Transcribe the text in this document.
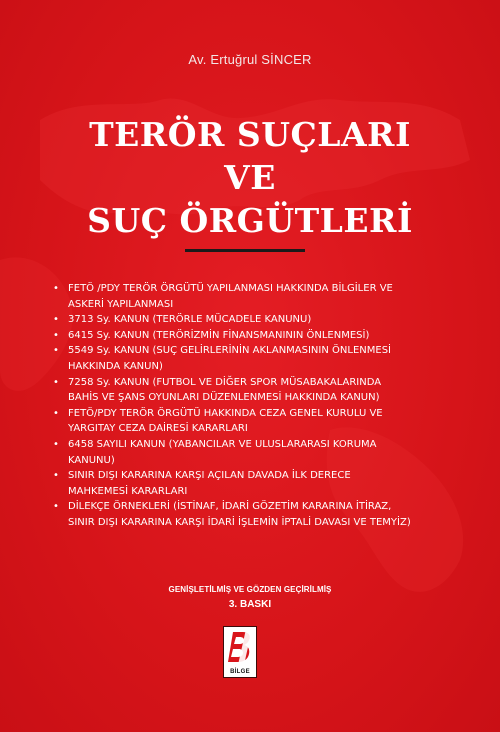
Av. Ertuğrul SİNCER
TERÖR SUÇLARI
VE
SUÇ ÖRGÜTLERİ
• FETÖ /PDY TERÖR ÖRGÜTÜ YAPILANMASI HAKKINDA BİLGİLER VE ASKERİ YAPILANMASI
• 3713 Sy. KANUN (TERÖRLE MÜCADELE KANUNU)
• 6415 Sy. KANUN (TERÖRİZMİN FİNANSMANININ ÖNLENMESİ)
• 5549 Sy. KANUN (SUÇ GELİRLERİNİN AKLANMASININ ÖNLENMESİ HAKKINDA KANUN)
• 7258 Sy. KANUN (FUTBOL VE DİĞER SPOR MÜSABAKALARINDA BAHİS VE ŞANS OYUNLARI DÜZENLENMESİ HAKKINDA KANUN)
• FETÖ/PDY TERÖR ÖRGÜTÜ HAKKINDA CEZA GENEL KURULU VE YARGITAY CEZA DAİRESİ KARARLARI
• 6458 SAYILI KANUN (YABANCILAR VE ULUSLARARASI KORUMA KANUNU)
• SINIR DIŞI KARARINA KARŞI AÇILAN DAVADA İLK DERECE MAHKEMESİ KARARLARI
• DİLEKÇE ÖRNEKLERİ (İSTİNAF, İDARİ GÖZETİM KARARINA İTİRAZ, SINIR DIŞI KARARINA KARŞI İDARİ İŞLEMİN İPTALİ DAVASI VE TEMYİZ)
GENİŞLETİLMİŞ VE GÖZDEN GEÇİRİLMİŞ
3. BASKI
BİLGE
